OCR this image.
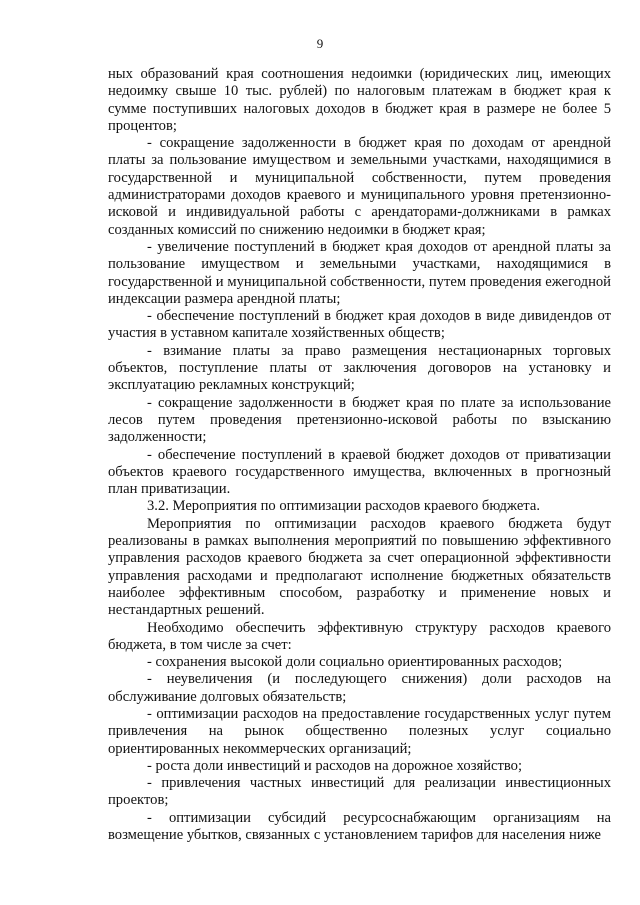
9

ных образований края соотношения недоимки (юридических лиц, имеющих недоимку свыше 10 тыс. рублей) по налоговым платежам в бюджет края к сумме поступивших налоговых доходов в бюджет края в размере не более 5 процентов;

- сокращение задолженности в бюджет края по доходам от арендной платы за пользование имуществом и земельными участками, находящимися в государственной и муниципальной собственности, путем проведения администраторами доходов краевого и муниципального уровня претензионно-исковой и индивидуальной работы с арендаторами-должниками в рамках созданных комиссий по снижению недоимки в бюджет края;

- увеличение поступлений в бюджет края доходов от арендной платы за пользование имуществом и земельными участками, находящимися в государственной и муниципальной собственности, путем проведения ежегодной индексации размера арендной платы;

- обеспечение поступлений в бюджет края доходов в виде дивидендов от участия в уставном капитале хозяйственных обществ;

- взимание платы за право размещения нестационарных торговых объектов, поступление платы от заключения договоров на установку и эксплуатацию рекламных конструкций;

- сокращение задолженности в бюджет края по плате за использование лесов путем проведения претензионно-исковой работы по взысканию задолженности;

- обеспечение поступлений в краевой бюджет доходов от приватизации объектов краевого государственного имущества, включенных в прогнозный план приватизации.

3.2. Мероприятия по оптимизации расходов краевого бюджета.

Мероприятия по оптимизации расходов краевого бюджета будут реализованы в рамках выполнения мероприятий по повышению эффективного управления расходов краевого бюджета за счет операционной эффективности управления расходами и предполагают исполнение бюджетных обязательств наиболее эффективным способом, разработку и применение новых и нестандартных решений.

Необходимо обеспечить эффективную структуру расходов краевого бюджета, в том числе за счет:

- сохранения высокой доли социально ориентированных расходов;

- неувеличения (и последующего снижения) доли расходов на обслуживание долговых обязательств;

- оптимизации расходов на предоставление государственных услуг путем привлечения на рынок общественно полезных услуг социально ориентированных некоммерческих организаций;

- роста доли инвестиций и расходов на дорожное хозяйство;

- привлечения частных инвестиций для реализации инвестиционных проектов;

- оптимизации субсидий ресурсоснабжающим организациям на возмещение убытков, связанных с установлением тарифов для населения ниже
